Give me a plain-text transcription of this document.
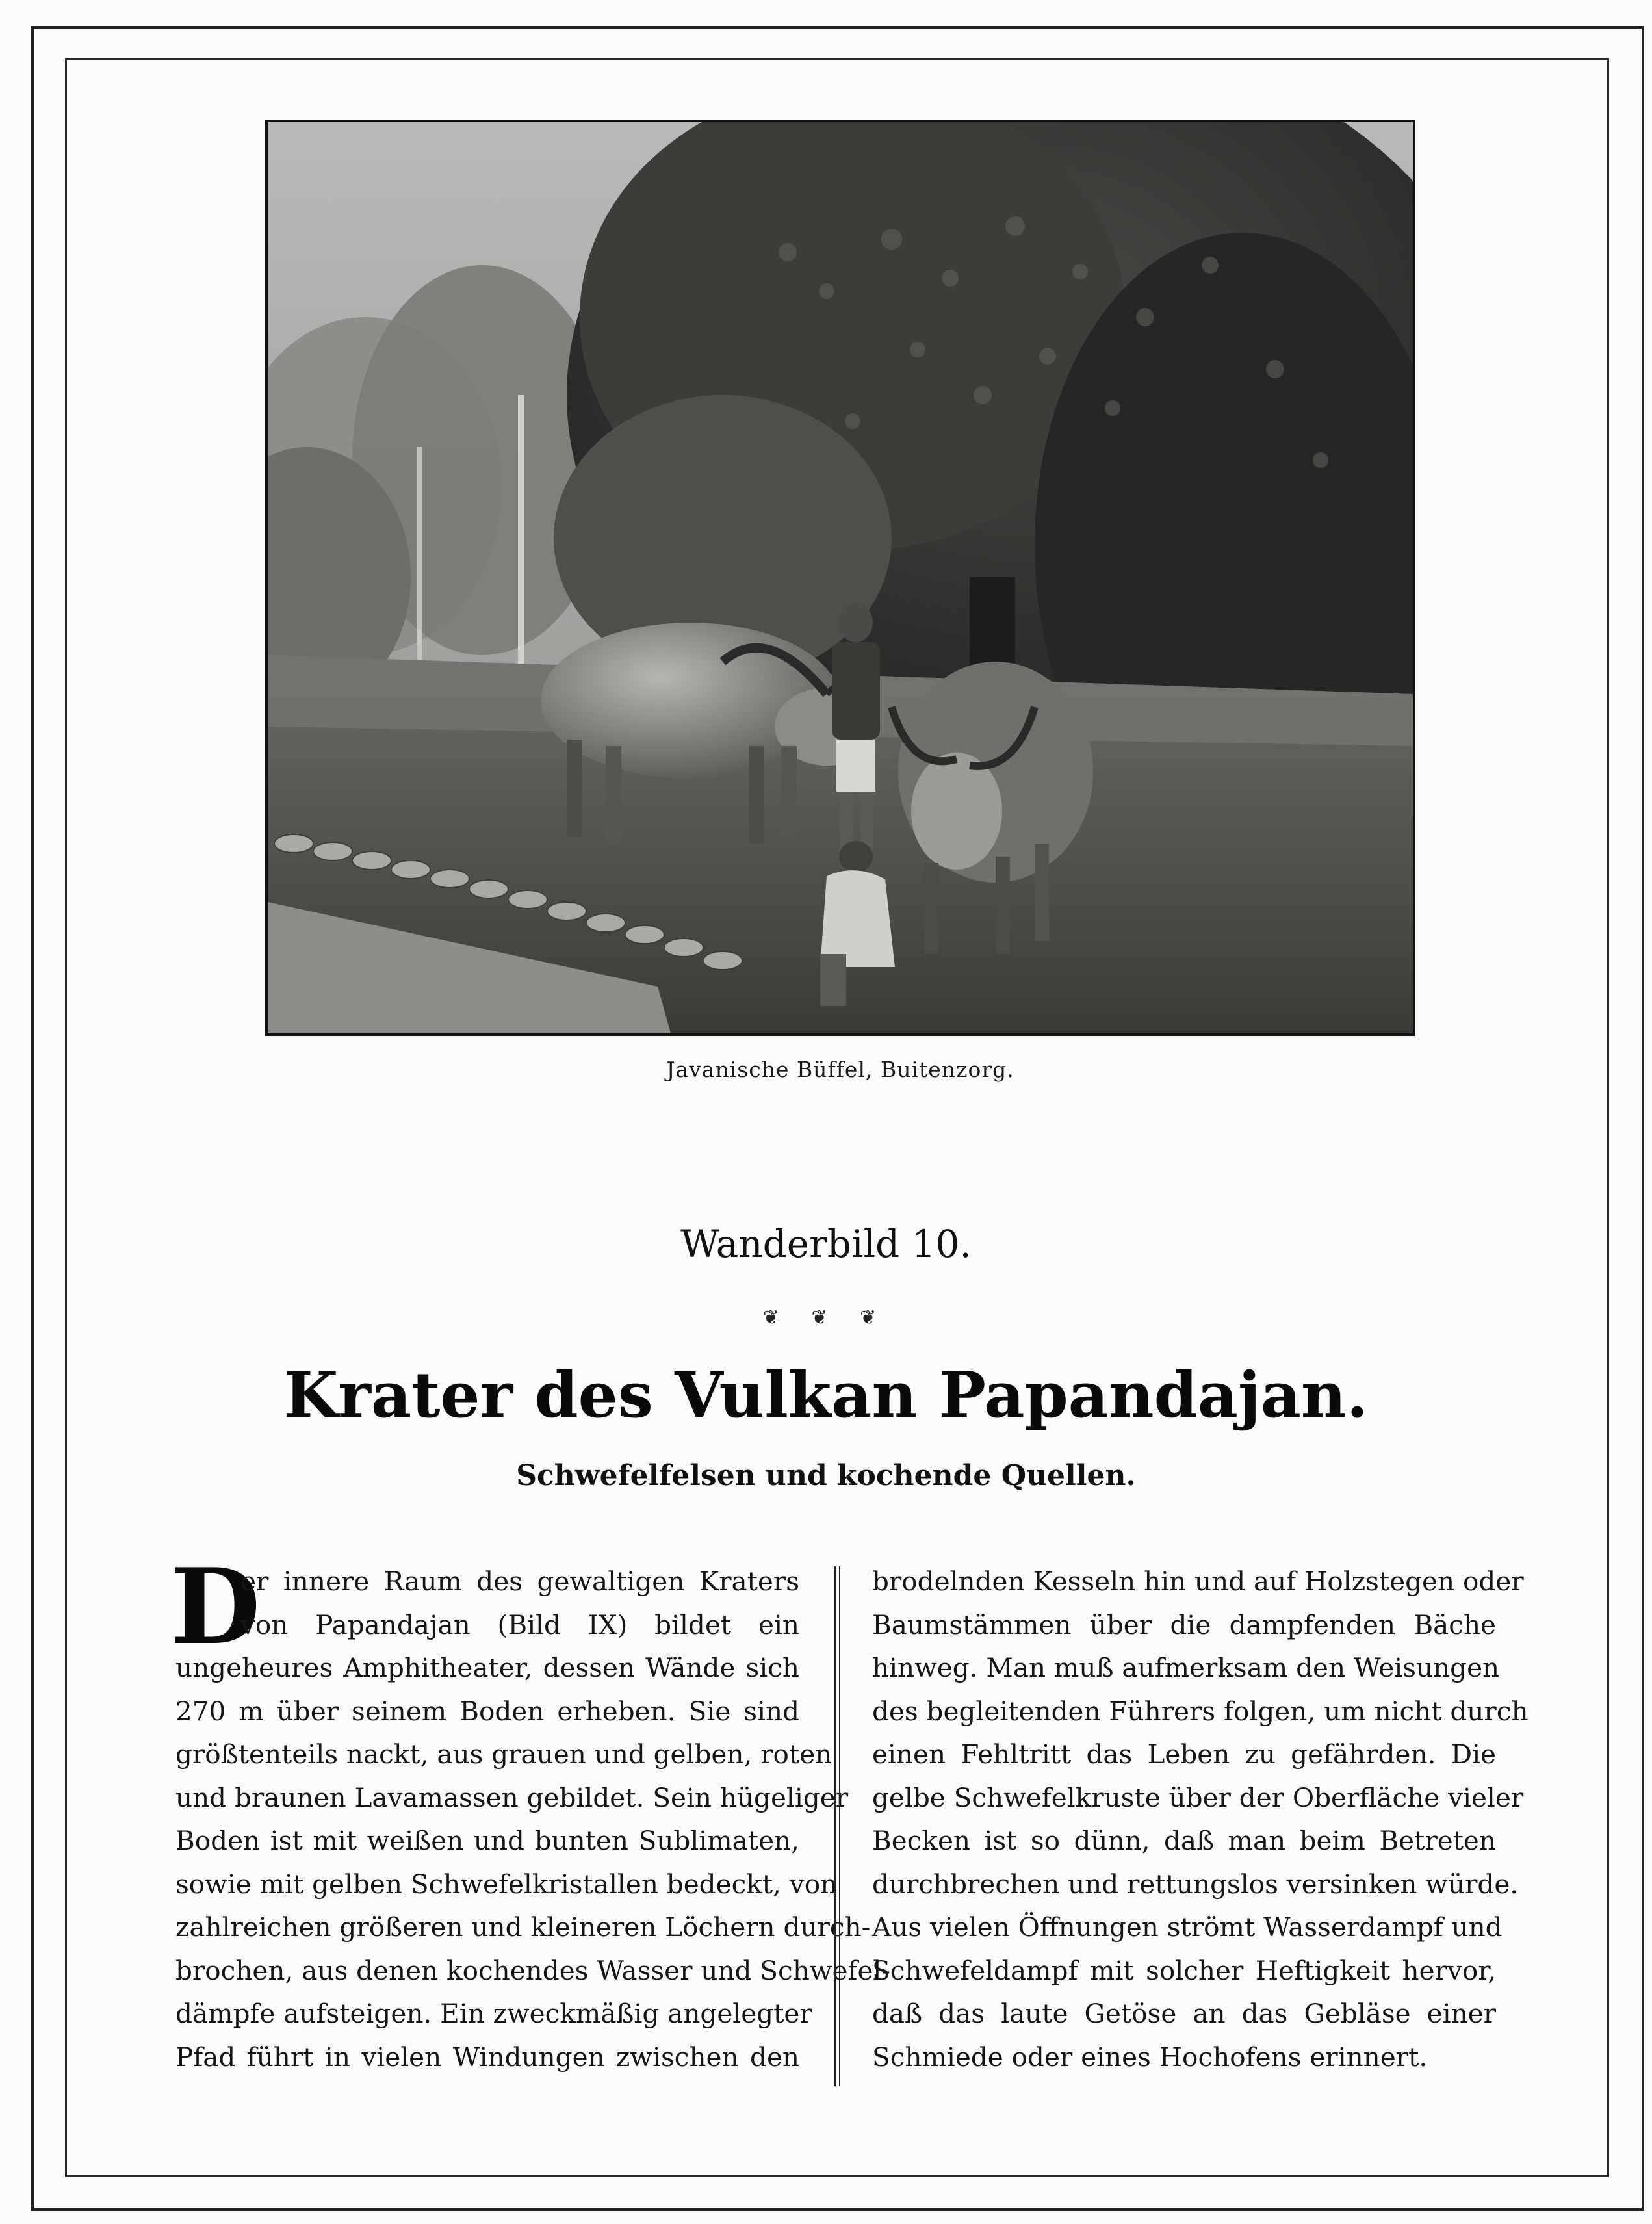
Javanische Büffel, Buitenzorg.
Wanderbild 10.
❦ ❦ ❦
Krater des Vulkan Papandajan.
Schwefelfelsen und kochende Quellen.
D
er innere Raum des gewaltigen Kraters
von Papandajan (Bild IX) bildet ein
ungeheures Amphitheater, dessen Wände sich
270 m über seinem Boden erheben. Sie sind
größtenteils nackt, aus grauen und gelben, roten
und braunen Lavamassen gebildet. Sein hügeliger
Boden ist mit weißen und bunten Sublimaten,
sowie mit gelben Schwefelkristallen bedeckt, von
zahlreichen größeren und kleineren Löchern durch-
brochen, aus denen kochendes Wasser und Schwefel-
dämpfe aufsteigen. Ein zweckmäßig angelegter
Pfad führt in vielen Windungen zwischen den
brodelnden Kesseln hin und auf Holzstegen oder
Baumstämmen über die dampfenden Bäche
hinweg. Man muß aufmerksam den Weisungen
des begleitenden Führers folgen, um nicht durch
einen Fehltritt das Leben zu gefährden. Die
gelbe Schwefelkruste über der Oberfläche vieler
Becken ist so dünn, daß man beim Betreten
durchbrechen und rettungslos versinken würde.
Aus vielen Öffnungen strömt Wasserdampf und
Schwefeldampf mit solcher Heftigkeit hervor,
daß das laute Getöse an das Gebläse einer
Schmiede oder eines Hochofens erinnert.
